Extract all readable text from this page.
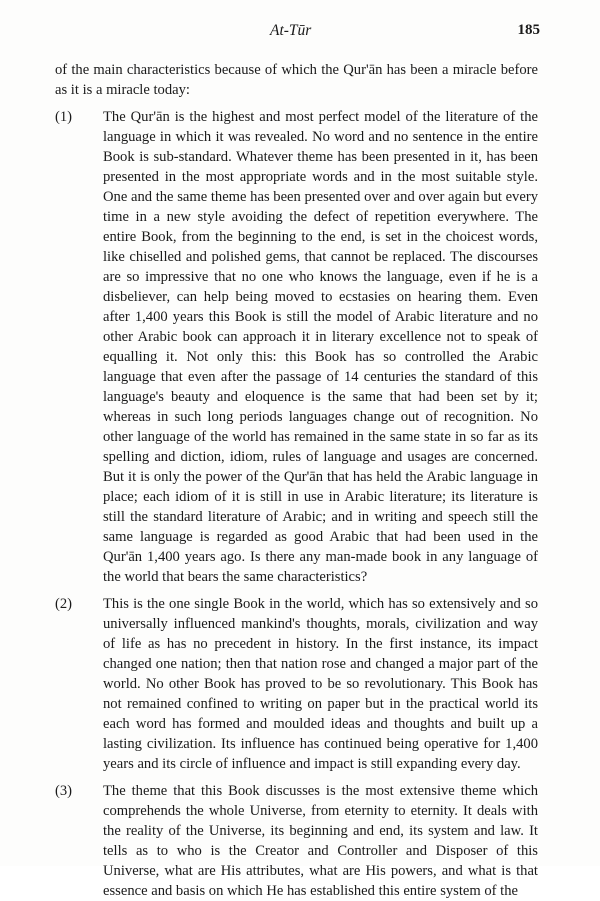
At-Tūr	185

of the main characteristics because of which the Qur'ān has been a miracle before as it is a miracle today:

(1) The Qur'ān is the highest and most perfect model of the literature of the language in which it was revealed. No word and no sentence in the entire Book is sub-standard. Whatever theme has been presented in it, has been presented in the most appropriate words and in the most suitable style. One and the same theme has been presented over and over again but every time in a new style avoiding the defect of repetition everywhere. The entire Book, from the beginning to the end, is set in the choicest words, like chiselled and polished gems, that cannot be replaced. The discourses are so impressive that no one who knows the language, even if he is a disbeliever, can help being moved to ecstasies on hearing them. Even after 1,400 years this Book is still the model of Arabic literature and no other Arabic book can approach it in literary excellence not to speak of equalling it. Not only this: this Book has so controlled the Arabic language that even after the passage of 14 centuries the standard of this language's beauty and eloquence is the same that had been set by it; whereas in such long periods languages change out of recognition. No other language of the world has remained in the same state in so far as its spelling and diction, idiom, rules of language and usages are concerned. But it is only the power of the Qur'ān that has held the Arabic language in place; each idiom of it is still in use in Arabic literature; its literature is still the standard literature of Arabic; and in writing and speech still the same language is regarded as good Arabic that had been used in the Qur'ān 1,400 years ago. Is there any man-made book in any language of the world that bears the same characteristics?

(2) This is the one single Book in the world, which has so extensively and so universally influenced mankind's thoughts, morals, civilization and way of life as has no precedent in history. In the first instance, its impact changed one nation; then that nation rose and changed a major part of the world. No other Book has proved to be so revolutionary. This Book has not remained confined to writing on paper but in the practical world its each word has formed and moulded ideas and thoughts and built up a lasting civilization. Its influence has continued being operative for 1,400 years and its circle of influence and impact is still expanding every day.

(3) The theme that this Book discusses is the most extensive theme which comprehends the whole Universe, from eternity to eternity. It deals with the reality of the Universe, its beginning and end, its system and law. It tells as to who is the Creator and Controller and Disposer of this Universe, what are His attributes, what are His powers, and what is that essence and basis on which He has established this entire system of the
